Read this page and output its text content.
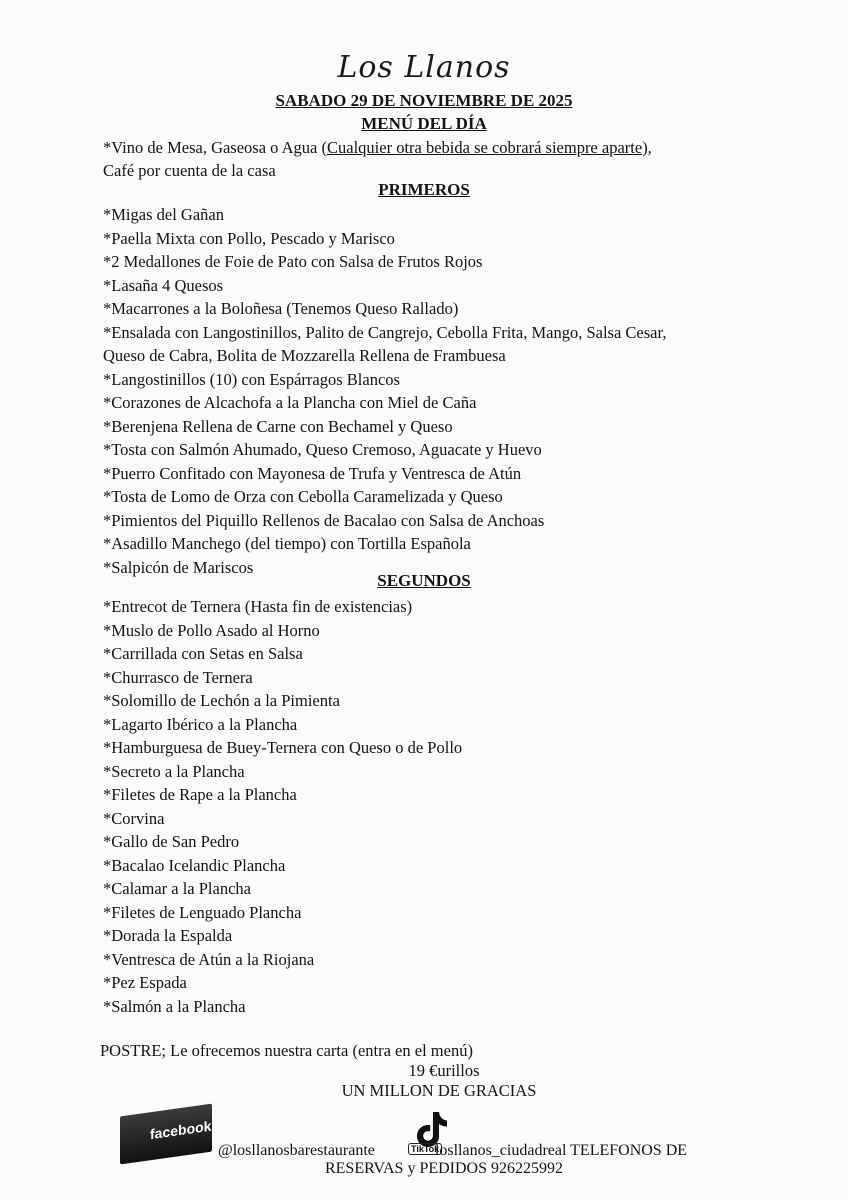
Los Llanos
SABADO 29 DE NOVIEMBRE DE 2025
MENÚ DEL DÍA
*Vino de Mesa, Gaseosa o Agua (Cualquier otra bebida se cobrará siempre aparte),
Café por cuenta de la casa
PRIMEROS
*Migas del Gañan
*Paella Mixta con Pollo, Pescado y Marisco
*2 Medallones de Foie de Pato con Salsa de Frutos Rojos
*Lasaña 4 Quesos
*Macarrones a la Boloñesa (Tenemos Queso Rallado)
*Ensalada con Langostinillos, Palito de Cangrejo, Cebolla Frita, Mango, Salsa Cesar,
Queso de Cabra, Bolita de Mozzarella Rellena de Frambuesa
*Langostinillos (10) con Espárragos Blancos
*Corazones de Alcachofa a la Plancha con Miel de Caña
*Berenjena Rellena de Carne con Bechamel y Queso
*Tosta con Salmón Ahumado, Queso Cremoso, Aguacate y Huevo
*Puerro Confitado con Mayonesa de Trufa y Ventresca de Atún
*Tosta de Lomo de Orza con Cebolla Caramelizada y Queso
*Pimientos del Piquillo Rellenos de Bacalao con Salsa de Anchoas
*Asadillo Manchego (del tiempo) con Tortilla Española
*Salpicón de Mariscos
SEGUNDOS
*Entrecot de Ternera (Hasta fin de existencias)
*Muslo de Pollo Asado al Horno
*Carrillada con Setas en Salsa
*Churrasco de Ternera
*Solomillo de Lechón a la Pimienta
*Lagarto Ibérico a la Plancha
*Hamburguesa de Buey-Ternera con Queso o de Pollo
*Secreto a la Plancha
*Filetes de Rape a la Plancha
*Corvina
*Gallo de San Pedro
*Bacalao Icelandic Plancha
*Calamar a la Plancha
*Filetes de Lenguado Plancha
*Dorada la Espalda
*Ventresca de Atún a la Riojana
*Pez Espada
*Salmón a la Plancha
POSTRE; Le ofrecemos nuestra carta (entra en el menú)
19 €urillos
UN MILLON DE GRACIAS
facebook
TikTok
@losllanosbarestaurante	losllanos_ciudadreal TELEFONOS DE
RESERVAS y PEDIDOS 926225992
